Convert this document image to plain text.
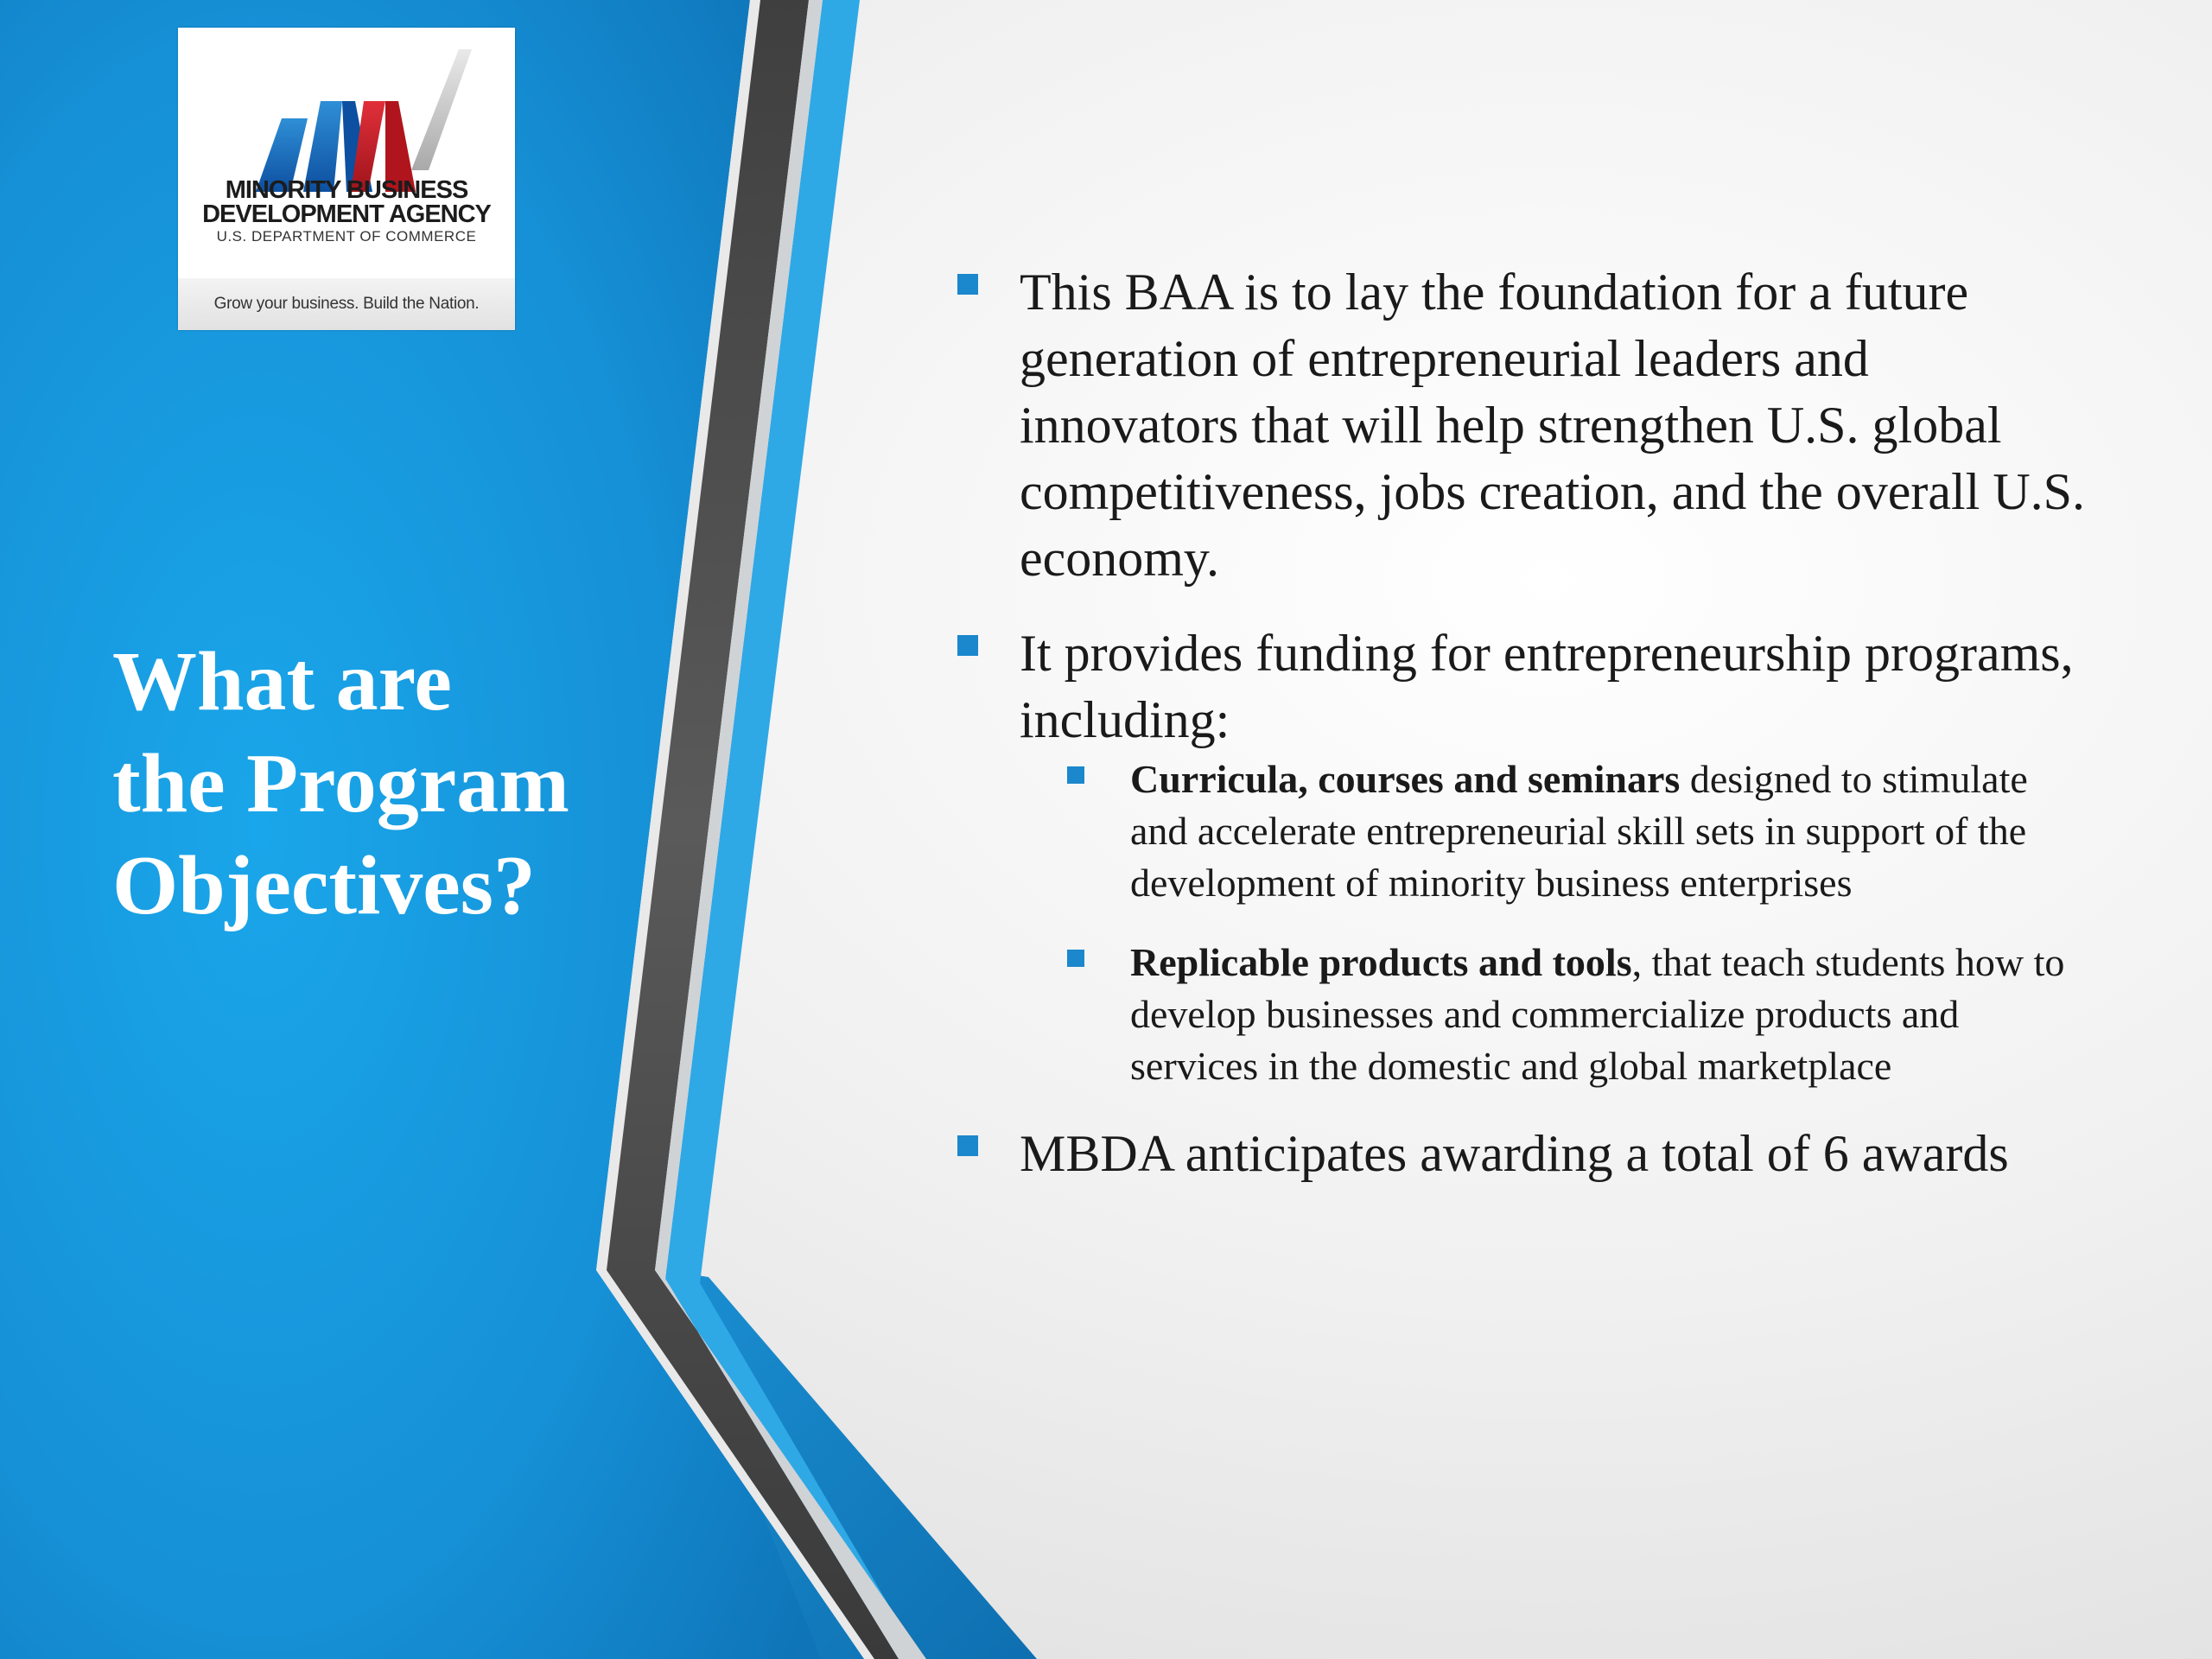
MINORITY BUSINESS
DEVELOPMENT AGENCY
U.S. DEPARTMENT OF COMMERCE
Grow your business. Build the Nation.
What are
the Program
Objectives?
This BAA is to lay the foundation for a future generation of entrepreneurial leaders and innovators that will help strengthen U.S. global competitiveness, jobs creation, and the overall U.S. economy.
It provides funding for entrepreneurship programs, including:
Curricula, courses and seminars designed to stimulate and accelerate entrepreneurial skill sets in support of the development of minority business enterprises
Replicable products and tools, that teach students how to develop businesses and commercialize products and services in the domestic and global marketplace
MBDA anticipates awarding a total of 6 awards
